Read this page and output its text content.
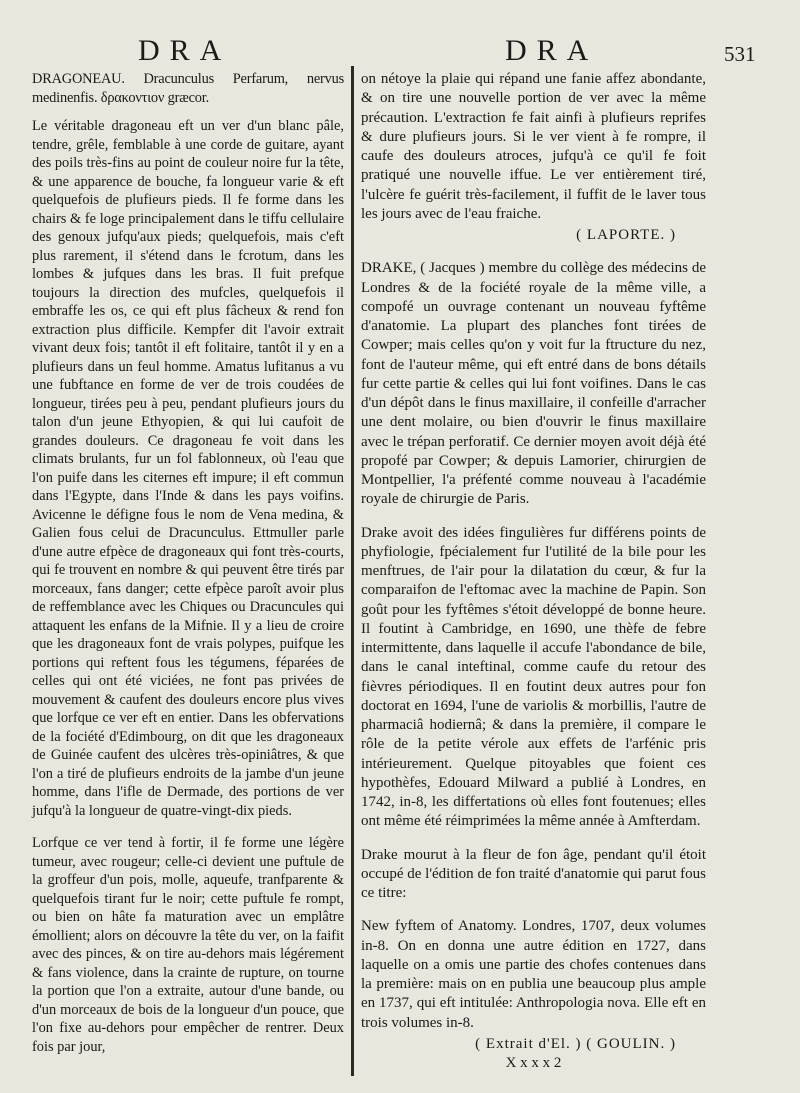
DRA	DRA	531

DRAGONEAU. Dracunculus Perfarum, nervus medinenfis. δρακοντιον græcor.

Le véritable dragoneau eft un ver d'un blanc pâle, tendre, grêle, femblable à une corde de guitare, ayant des poils très-fins au point de couleur noire fur la tête, & une apparence de bouche, fa longueur varie & eft quelquefois de plufieurs pieds. Il fe forme dans les chairs & fe loge principalement dans le tiffu cellulaire des genoux jufqu'aux pieds; quelquefois, mais c'eft plus rarement, il s'étend dans le fcrotum, dans les lombes & jufques dans les bras. Il fuit prefque toujours la direction des mufcles, quelquefois il embraffe les os, ce qui eft plus fâcheux & rend fon extraction plus difficile. Kempfer dit l'avoir extrait vivant deux fois; tantôt il eft folitaire, tantôt il y en a plufieurs dans un feul homme. Amatus lufitanus a vu une fubftance en forme de ver de trois coudées de longueur, tirées peu à peu, pendant plufieurs jours du talon d'un jeune Ethyopien, & qui lui caufoit de grandes douleurs. Ce dragoneau fe voit dans les climats brulants, fur un fol fablonneux, où l'eau que l'on puife dans les citernes eft impure; il eft commun dans l'Egypte, dans l'Inde & dans les pays voifins. Avicenne le défigne fous le nom de Vena medina, & Galien fous celui de Dracunculus. Ettmuller parle d'une autre efpèce de dragoneaux qui font très-courts, qui fe trouvent en nombre & qui peuvent être tirés par morceaux, fans danger; cette efpèce paroît avoir plus de reffemblance avec les Chiques ou Dracuncules qui attaquent les enfans de la Mifnie. Il y a lieu de croire que les dragoneaux font de vrais polypes, puifque les portions qui reftent fous les tégumens, féparées de celles qui ont été viciées, ne font pas privées de mouvement & caufent des douleurs encore plus vives que lorfque ce ver eft en entier. Dans les obfervations de la fociété d'Edimbourg, on dit que les dragoneaux de Guinée caufent des ulcères très-opiniâtres, & que l'on a tiré de plufieurs endroits de la jambe d'un jeune homme, dans l'ifle de Dermade, des portions de ver jufqu'à la longueur de quatre-vingt-dix pieds.

Lorfque ce ver tend à fortir, il fe forme une légère tumeur, avec rougeur; celle-ci devient une puftule de la groffeur d'un pois, molle, aqueufe, tranfparente & quelquefois tirant fur le noir; cette puftule fe rompt, ou bien on hâte fa maturation avec un emplâtre émollient; alors on découvre la tête du ver, on la faifit avec des pinces, & on tire au-dehors mais légérement & fans violence, dans la crainte de rupture, on tourne la portion que l'on a extraite, autour d'une bande, ou d'un morceaux de bois de la longueur d'un pouce, que l'on fixe au-dehors pour empêcher de rentrer. Deux fois par jour,

on nétoye la plaie qui répand une fanie affez abondante, & on tire une nouvelle portion de ver avec la même précaution. L'extraction fe fait ainfi à plufieurs reprifes & dure plufieurs jours. Si le ver vient à fe rompre, il caufe des douleurs atroces, jufqu'à ce qu'il fe foit pratiqué une nouvelle iffue. Le ver entièrement tiré, l'ulcère fe guérit très-facilement, il fuffit de le laver tous les jours avec de l'eau fraiche.

( LAPORTE. )

DRAKE, ( Jacques ) membre du collège des médecins de Londres & de la fociété royale de la même ville, a compofé un ouvrage contenant un nouveau fyftême d'anatomie. La plupart des planches font tirées de Cowper; mais celles qu'on y voit fur la ftructure du nez, font de l'auteur même, qui eft entré dans de bons détails fur cette partie & celles qui lui font voifines. Dans le cas d'un dépôt dans le finus maxillaire, il confeille d'arracher une dent molaire, ou bien d'ouvrir le finus maxillaire avec le trépan perforatif. Ce dernier moyen avoit déjà été propofé par Cowper; & depuis Lamorier, chirurgien de Montpellier, l'a préfenté comme nouveau à l'académie royale de chirurgie de Paris.

Drake avoit des idées fingulières fur différens points de phyfiologie, fpécialement fur l'utilité de la bile pour les menftrues, de l'air pour la dilatation du cœur, & fur la comparaifon de l'eftomac avec la machine de Papin. Son goût pour les fyftêmes s'étoit développé de bonne heure. Il foutint à Cambridge, en 1690, une thèfe de febre intermittente, dans laquelle il accufe l'abondance de bile, dans le canal inteftinal, comme caufe du retour des fièvres périodiques. Il en foutint deux autres pour fon doctorat en 1694, l'une de variolis & morbillis, l'autre de pharmaciâ hodiernâ; & dans la première, il compare le rôle de la petite vérole aux effets de l'arfénic pris intérieurement. Quelque pitoyables que foient ces hypothèfes, Edouard Milward a publié à Londres, en 1742, in-8, les differtations où elles font foutenues; elles ont même été réimprimées la même année à Amfterdam.

Drake mourut à la fleur de fon âge, pendant qu'il étoit occupé de l'édition de fon traité d'anatomie qui parut fous ce titre:

New fyftem of Anatomy. Londres, 1707, deux volumes in-8. On en donna une autre édition en 1727, dans laquelle on a omis une partie des chofes contenues dans la première: mais on en publia une beaucoup plus ample en 1737, qui eft intitulée: Anthropologia nova. Elle eft en trois volumes in-8.

( Extrait d'El. ) ( GOULIN. )

X x x x 2
